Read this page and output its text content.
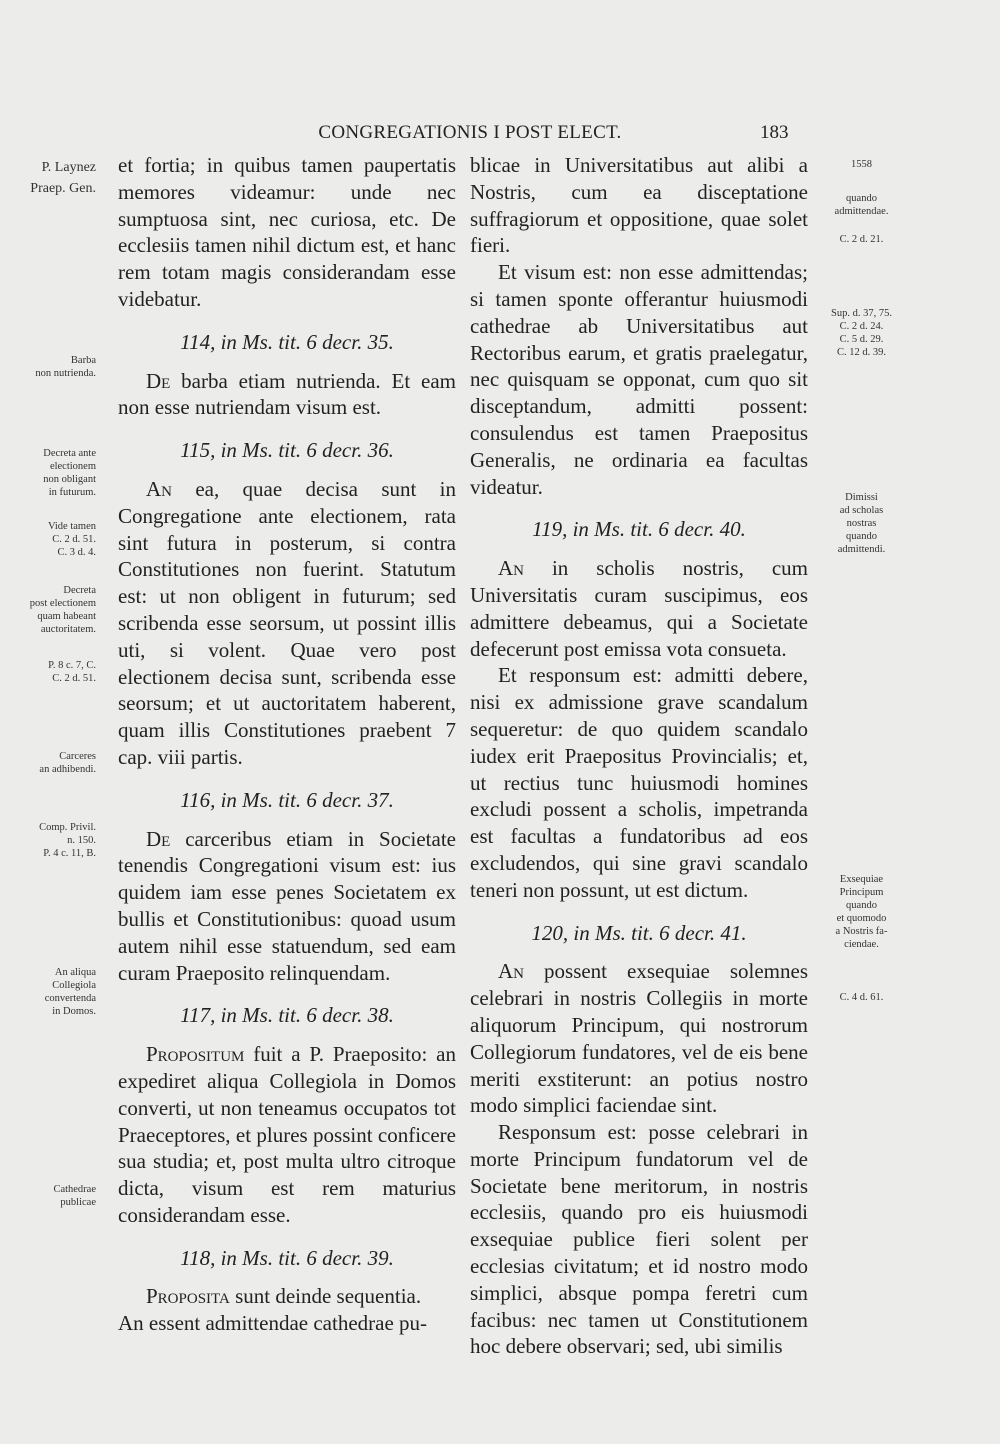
CONGREGATIONIS I POST ELECT.	183
P. Laynez
Praep. Gen.
Barba
non nutrienda.
Decreta ante
electionem
non obligant
in futurum.
Vide tamen
C. 2 d. 51.
C. 3 d. 4.
Decreta
post electionem
quam habeant
auctoritatem.
P. 8 c. 7, C.
C. 2 d. 51.
Carceres
an adhibendi.
Comp. Privil.
n. 150.
P. 4 c. 11, B.
An aliqua
Collegiola
convertenda
in Domos.
Cathedrae
publicae
1558
quando
admittendae.
C. 2 d. 21.
Sup. d. 37, 75.
C. 2 d. 24.
C. 5 d. 29.
C. 12 d. 39.
Dimissi
ad scholas
nostras
quando
admittendi.
Exsequiae
Principum
quando
et quomodo
a Nostris fa-
ciendae.
C. 4 d. 61.

et fortia; in quibus tamen paupertatis memores videamur: unde nec sumptuosa sint, nec curiosa, etc. De ecclesiis tamen nihil dictum est, et hanc rem totam magis considerandam esse videbatur.

114, in Ms. tit. 6 decr. 35.

De barba etiam nutrienda. Et eam non esse nutriendam visum est.

115, in Ms. tit. 6 decr. 36.

An ea, quae decisa sunt in Congregatione ante electionem, rata sint futura in posterum, si contra Constitutiones non fuerint. Statutum est: ut non obligent in futurum; sed scribenda esse seorsum, ut possint illis uti, si volent. Quae vero post electionem decisa sunt, scribenda esse seorsum; et ut auctoritatem haberent, quam illis Constitutiones praebent 7 cap. viii partis.

116, in Ms. tit. 6 decr. 37.

De carceribus etiam in Societate tenendis Congregationi visum est: ius quidem iam esse penes Societatem ex bullis et Constitutionibus: quoad usum autem nihil esse statuendum, sed eam curam Praeposito relinquendam.

117, in Ms. tit. 6 decr. 38.

Propositum fuit a P. Praeposito: an expediret aliqua Collegiola in Domos converti, ut non teneamus occupatos tot Praeceptores, et plures possint conficere sua studia; et, post multa ultro citroque dicta, visum est rem maturius considerandam esse.

118, in Ms. tit. 6 decr. 39.

Proposita sunt deinde sequentia.

An essent admittendae cathedrae pu-

blicae in Universitatibus aut alibi a Nostris, cum ea disceptatione suffragiorum et oppositione, quae solet fieri.

Et visum est: non esse admittendas; si tamen sponte offerantur huiusmodi cathedrae ab Universitatibus aut Rectoribus earum, et gratis praelegatur, nec quisquam se opponat, cum quo sit disceptandum, admitti possent: consulendus est tamen Praepositus Generalis, ne ordinaria ea facultas videatur.

119, in Ms. tit. 6 decr. 40.

An in scholis nostris, cum Universitatis curam suscipimus, eos admittere debeamus, qui a Societate defecerunt post emissa vota consueta.

Et responsum est: admitti debere, nisi ex admissione grave scandalum sequeretur: de quo quidem scandalo iudex erit Praepositus Provincialis; et, ut rectius tunc huiusmodi homines excludi possent a scholis, impetranda est facultas a fundatoribus ad eos excludendos, qui sine gravi scandalo teneri non possunt, ut est dictum.

120, in Ms. tit. 6 decr. 41.

An possent exsequiae solemnes celebrari in nostris Collegiis in morte aliquorum Principum, qui nostrorum Collegiorum fundatores, vel de eis bene meriti exstiterunt: an potius nostro modo simplici faciendae sint.

Responsum est: posse celebrari in morte Principum fundatorum vel de Societate bene meritorum, in nostris ecclesiis, quando pro eis huiusmodi exsequiae publice fieri solent per ecclesias civitatum; et id nostro modo simplici, absque pompa feretri cum facibus: nec tamen ut Constitutionem hoc debere observari; sed, ubi similis
